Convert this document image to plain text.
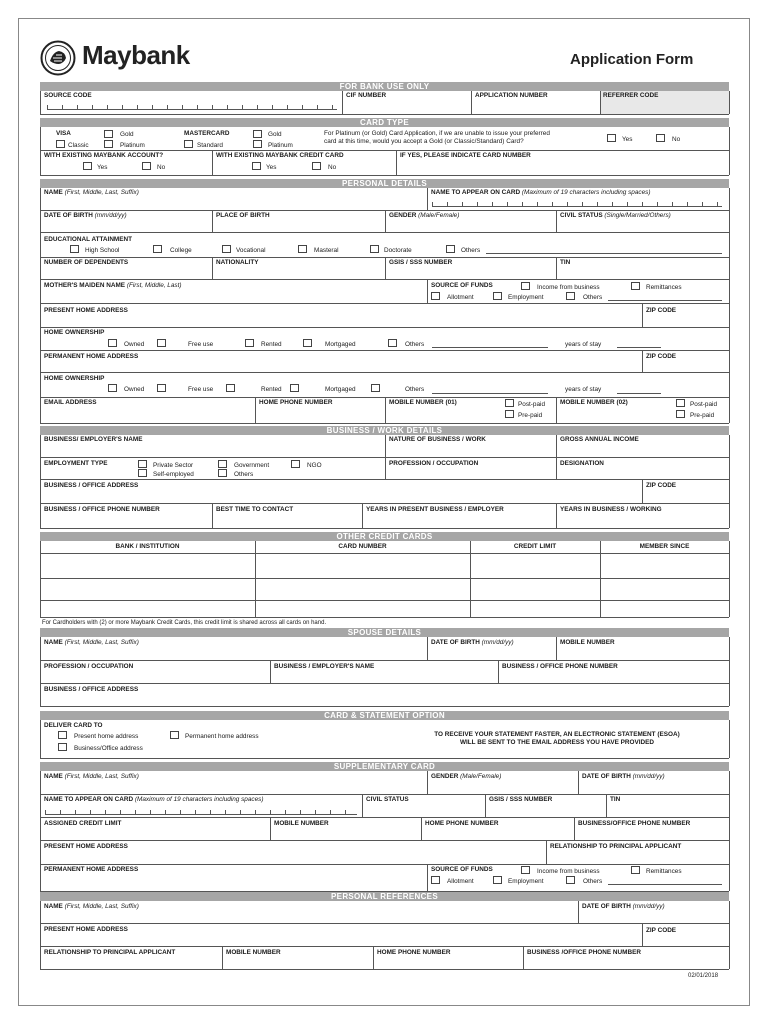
Maybank	Application Form
FOR BANK USE ONLY
SOURCE CODE	CIF NUMBER	APPLICATION NUMBER	REFERRER CODE
CARD TYPE
VISA	Gold
Classic	Platinum
MASTERCARD	Gold
Standard	Platinum
For Platinum (or Gold) Card Application, if we are unable to issue your preferred
card at this time, would you accept a Gold (or Classic/Standard) Card?	Yes	No
WITH EXISTING MAYBANK ACCOUNT?
Yes	No
WITH EXISTING MAYBANK CREDIT CARD
Yes	No
IF YES, PLEASE INDICATE CARD NUMBER
PERSONAL DETAILS
NAME (First, Middle, Last, Suffix)	NAME TO APPEAR ON CARD (Maximum of 19 characters including spaces)
DATE OF BIRTH (mm/dd/yy)	PLACE OF BIRTH	GENDER (Male/Female)	CIVIL STATUS (Single/Married/Others)
EDUCATIONAL ATTAINMENT
High School	College	Vocational	Masteral	Doctorate	Others
NUMBER OF DEPENDENTS	NATIONALITY	GSIS / SSS NUMBER	TIN
MOTHER'S MAIDEN NAME (First, Middle, Last)	SOURCE OF FUNDS	Income from business	Remittances
Allotment	Employment	Others
PRESENT HOME ADDRESS	ZIP CODE
HOME OWNERSHIP
Owned	Free use	Rented	Mortgaged	Others	years of stay
PERMANENT HOME ADDRESS	ZIP CODE
HOME OWNERSHIP
Owned	Free use	Rented	Mortgaged	Others	years of stay
EMAIL ADDRESS	HOME PHONE NUMBER	MOBILE NUMBER (01)	Post-paid
Pre-paid
MOBILE NUMBER (02)	Post-paid
Pre-paid
BUSINESS / WORK DETAILS
BUSINESS/ EMPLOYER'S NAME	NATURE OF BUSINESS / WORK	GROSS ANNUAL INCOME
EMPLOYMENT TYPE	Private Sector	Government	NGO
Self-employed	Others
PROFESSION / OCCUPATION	DESIGNATION
BUSINESS / OFFICE ADDRESS	ZIP CODE
BUSINESS / OFFICE PHONE NUMBER	BEST TIME TO CONTACT	YEARS IN PRESENT BUSINESS / EMPLOYER	YEARS IN BUSINESS / WORKING
OTHER CREDIT CARDS
BANK / INSTITUTION	CARD NUMBER	CREDIT LIMIT	MEMBER SINCE
For Cardholders with (2) or more Maybank Credit Cards, this credit limit is shared across all cards on hand.
SPOUSE DETAILS
NAME (First, Middle, Last, Suffix)	DATE OF BIRTH (mm/dd/yy)	MOBILE NUMBER
PROFESSION / OCCUPATION	BUSINESS / EMPLOYER'S NAME	BUSINESS / OFFICE PHONE NUMBER
BUSINESS / OFFICE ADDRESS
CARD & STATEMENT OPTION
DELIVER CARD TO
Present home address	Permanent home address
Business/Office address
TO RECEIVE YOUR STATEMENT FASTER, AN ELECTRONIC STATEMENT (ESOA)
WILL BE SENT TO THE EMAIL ADDRESS YOU HAVE PROVIDED
SUPPLEMENTARY CARD
NAME (First, Middle, Last, Suffix)	GENDER (Male/Female)	DATE OF BIRTH (mm/dd/yy)
NAME TO APPEAR ON CARD (Maximum of 19 characters including spaces)	CIVIL STATUS	GSIS / SSS NUMBER	TIN
ASSIGNED CREDIT LIMIT	MOBILE NUMBER	HOME PHONE NUMBER	BUSINESS/OFFICE PHONE NUMBER
PRESENT HOME ADDRESS	RELATIONSHIP TO PRINCIPAL APPLICANT
PERMANENT HOME ADDRESS	SOURCE OF FUNDS	Income from business	Remittances
Allotment	Employment	Others
PERSONAL REFERENCES
NAME (First, Middle, Last, Suffix)	DATE OF BIRTH (mm/dd/yy)
PRESENT HOME ADDRESS	ZIP CODE
RELATIONSHIP TO PRINCIPAL APPLICANT	MOBILE NUMBER	HOME PHONE NUMBER	BUSINESS /OFFICE PHONE NUMBER
02/01/2018
